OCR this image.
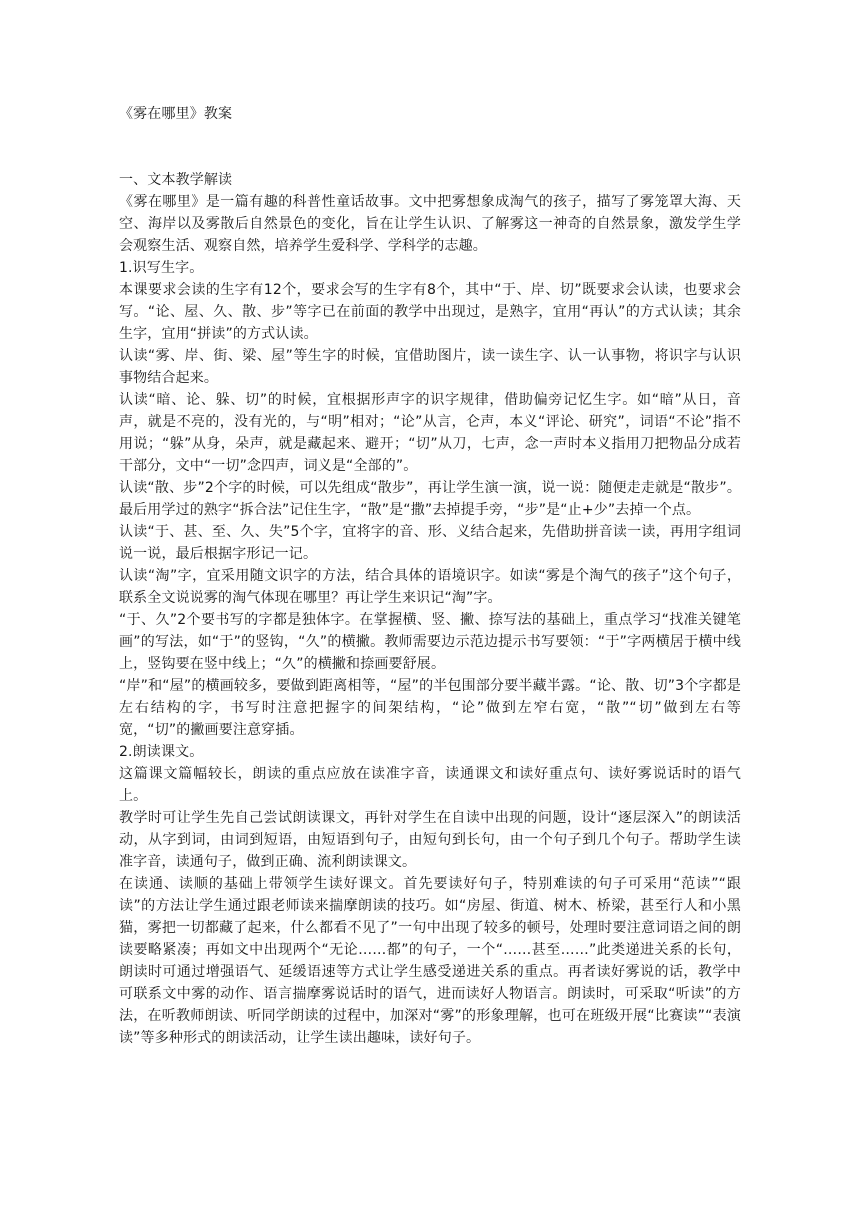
《雾在哪里》教案

一、文本教学解读

《雾在哪里》是一篇有趣的科普性童话故事。文中把雾想象成淘气的孩子，描写了雾笼罩大海、天空、海岸以及雾散后自然景色的变化，旨在让学生认识、了解雾这一神奇的自然景象，激发学生学会观察生活、观察自然，培养学生爱科学、学科学的志趣。

1.识写生字。

本课要求会读的生字有12个，要求会写的生字有8个，其中“于、岸、切”既要求会认读，也要求会写。“论、屋、久、散、步”等字已在前面的教学中出现过，是熟字，宜用“再认”的方式认读；其余生字，宜用“拼读”的方式认读。

认读“雾、岸、街、梁、屋”等生字的时候，宜借助图片，读一读生字、认一认事物，将识字与认识事物结合起来。

认读“暗、论、躲、切”的时候，宜根据形声字的识字规律，借助偏旁记忆生字。如“暗”从日，音声，就是不亮的，没有光的，与“明”相对；“论”从言，仑声，本义“评论、研究”，词语“不论”指不用说；“躲”从身，朵声，就是藏起来、避开；“切”从刀，七声，念一声时本义指用刀把物品分成若干部分，文中“一切”念四声，词义是“全部的”。

认读“散、步”2个字的时候，可以先组成“散步”，再让学生演一演，说一说：随便走走就是“散步”。最后用学过的熟字“拆合法”记住生字，“散”是“撒”去掉提手旁，“步”是“止+少”去掉一个点。

认读“于、甚、至、久、失”5个字，宜将字的音、形、义结合起来，先借助拼音读一读，再用字组词说一说，最后根据字形记一记。

认读“淘”字，宜采用随文识字的方法，结合具体的语境识字。如读“雾是个淘气的孩子”这个句子，联系全文说说雾的淘气体现在哪里？再让学生来识记“淘”字。

“于、久”2个要书写的字都是独体字。在掌握横、竖、撇、捺写法的基础上，重点学习“找准关键笔画”的写法，如“于”的竖钩，“久”的横撇。教师需要边示范边提示书写要领：“于”字两横居于横中线上，竖钩要在竖中线上；“久”的横撇和捺画要舒展。

“岸”和“屋”的横画较多，要做到距离相等，“屋”的半包围部分要半藏半露。“论、散、切”3个字都是左右结构的字，书写时注意把握字的间架结构，“论”做到左窄右宽，“散”“切”做到左右等宽，“切”的撇画要注意穿插。

2.朗读课文。

这篇课文篇幅较长，朗读的重点应放在读准字音，读通课文和读好重点句、读好雾说话时的语气上。

教学时可让学生先自己尝试朗读课文，再针对学生在自读中出现的问题，设计“逐层深入”的朗读活动，从字到词，由词到短语，由短语到句子，由短句到长句，由一个句子到几个句子。帮助学生读准字音，读通句子，做到正确、流利朗读课文。

在读通、读顺的基础上带领学生读好课文。首先要读好句子，特别难读的句子可采用“范读”“跟读”的方法让学生通过跟老师读来揣摩朗读的技巧。如“房屋、街道、树木、桥梁，甚至行人和小黑猫，雾把一切都藏了起来，什么都看不见了”一句中出现了较多的顿号，处理时要注意词语之间的朗读要略紧凑；再如文中出现两个“无论……都”的句子，一个“……甚至……”此类递进关系的长句，朗读时可通过增强语气、延缓语速等方式让学生感受递进关系的重点。再者读好雾说的话，教学中可联系文中雾的动作、语言揣摩雾说话时的语气，进而读好人物语言。朗读时，可采取“听读”的方法，在听教师朗读、听同学朗读的过程中，加深对“雾”的形象理解，也可在班级开展“比赛读”“表演读”等多种形式的朗读活动，让学生读出趣味，读好句子。
